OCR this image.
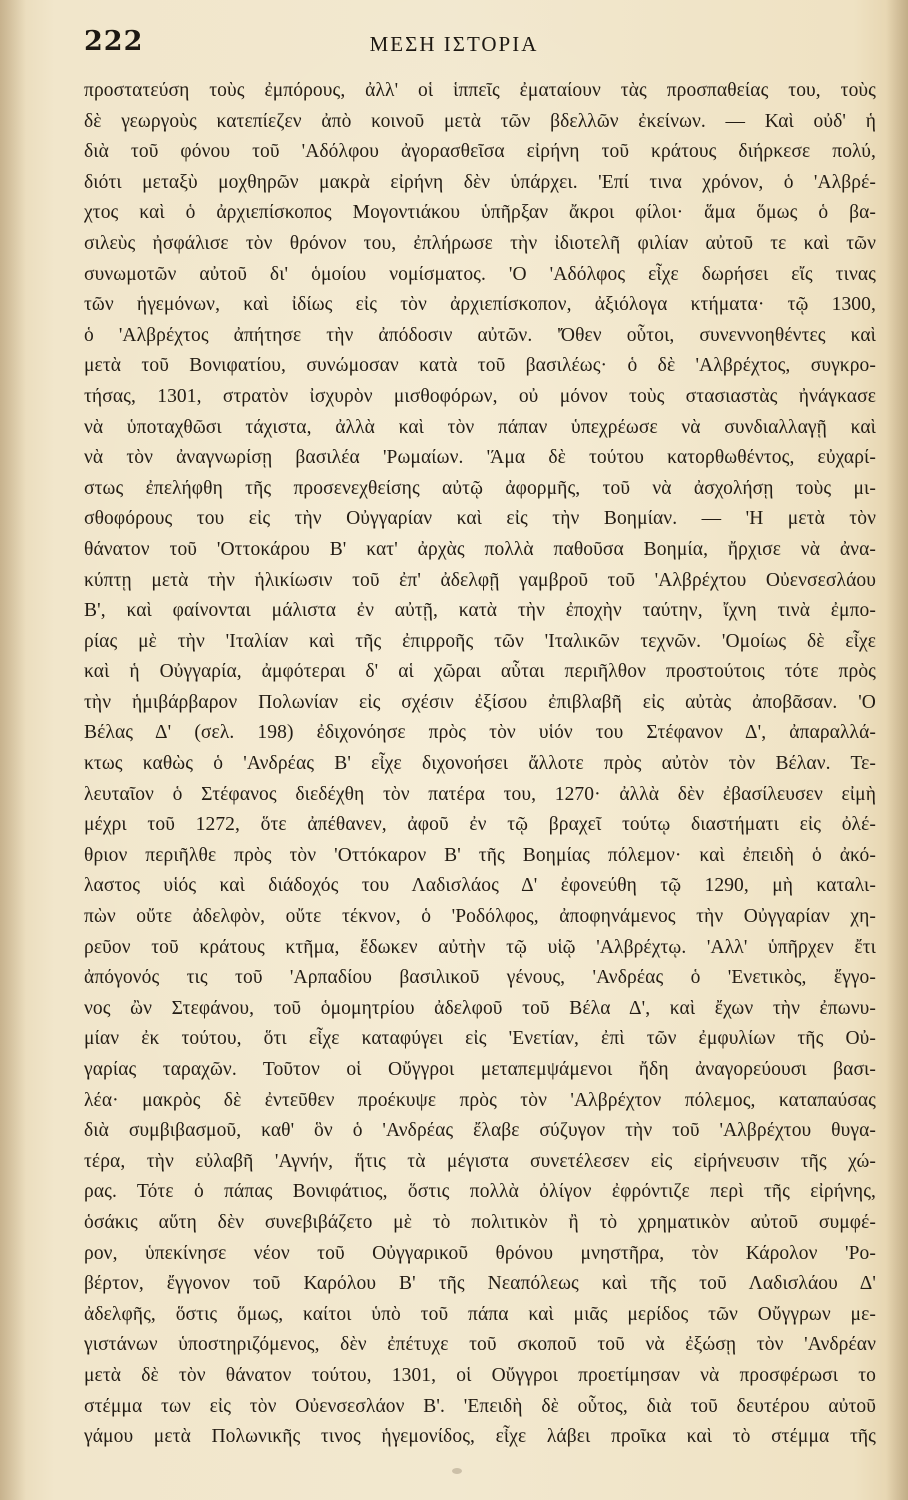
222	ΜΕΣΗ ΙΣΤΟΡΙΑ
προστατεύση τοὺς ἐμπόρους, ἀλλ' οἱ ἱππεῖς ἐματαίουν τὰς προσπαθείας του, τοὺς
δὲ γεωργοὺς κατεπίεζεν ἀπὸ κοινοῦ μετὰ τῶν βδελλῶν ἐκείνων. — Καὶ οὐδ' ἡ
διὰ τοῦ φόνου τοῦ 'Αδόλφου ἀγορασθεῖσα εἰρήνη τοῦ κράτους διήρκεσε πολύ,
διότι μεταξὺ μοχθηρῶν μακρὰ εἰρήνη δὲν ὑπάρχει. 'Επί τινα χρόνον, ὁ 'Αλβρέ-
χτος καὶ ὁ ἀρχιεπίσκοπος Μογοντιάκου ὑπῆρξαν ἄκροι φίλοι· ἅμα ὅμως ὁ βα-
σιλεὺς ἠσφάλισε τὸν θρόνον του, ἐπλήρωσε τὴν ἰδιοτελῆ φιλίαν αὐτοῦ τε καὶ τῶν
συνωμοτῶν αὐτοῦ δι' ὁμοίου νομίσματος. 'Ο 'Αδόλφος εἶχε δωρήσει εἴς τινας
τῶν ἡγεμόνων, καὶ ἰδίως εἰς τὸν ἀρχιεπίσκοπον, ἀξιόλογα κτήματα· τῷ 1300,
ὁ 'Αλβρέχτος ἀπήτησε τὴν ἀπόδοσιν αὐτῶν. 'Όθεν οὗτοι, συνεννοηθέντες καὶ
μετὰ τοῦ Βονιφατίου, συνώμοσαν κατὰ τοῦ βασιλέως· ὁ δὲ 'Αλβρέχτος, συγκρο-
τήσας, 1301, στρατὸν ἰσχυρὸν μισθοφόρων, οὐ μόνον τοὺς στασιαστὰς ἠνάγκασε
νὰ ὑποταχθῶσι τάχιστα, ἀλλὰ καὶ τὸν πάπαν ὑπεχρέωσε νὰ συνδιαλλαγῇ καὶ
νὰ τὸν ἀναγνωρίσῃ βασιλέα 'Ρωμαίων. 'Άμα δὲ τούτου κατορθωθέντος, εὐχαρί-
στως ἐπελήφθη τῆς προσενεχθείσης αὐτῷ ἀφορμῆς, τοῦ νὰ ἀσχολήσῃ τοὺς μι-
σθοφόρους του εἰς τὴν Οὐγγαρίαν καὶ εἰς τὴν Βοημίαν. — 'Η μετὰ τὸν
θάνατον τοῦ 'Οττοκάρου Β' κατ' ἀρχὰς πολλὰ παθοῦσα Βοημία, ἤρχισε νὰ ἀνα-
κύπτῃ μετὰ τὴν ἡλικίωσιν τοῦ ἐπ' ἀδελφῇ γαμβροῦ τοῦ 'Αλβρέχτου Οὐενσεσλάου
Β', καὶ φαίνονται μάλιστα ἐν αὐτῇ, κατὰ τὴν ἐποχὴν ταύτην, ἴχνη τινὰ ἐμπο-
ρίας μὲ τὴν 'Ιταλίαν καὶ τῆς ἐπιρροῆς τῶν 'Ιταλικῶν τεχνῶν. 'Ομοίως δὲ εἶχε
καὶ ἡ Οὐγγαρία, ἀμφότεραι δ' αἱ χῶραι αὗται περιῆλθον προστούτοις τότε πρὸς
τὴν ἡμιβάρβαρον Πολωνίαν εἰς σχέσιν ἐξίσου ἐπιβλαβῆ εἰς αὐτὰς ἀποβᾶσαν. 'Ο
Βέλας Δ' (σελ. 198) ἐδιχονόησε πρὸς τὸν υἱόν του Στέφανον Δ', ἀπαραλλά-
κτως καθὼς ὁ 'Ανδρέας Β' εἶχε διχονοήσει ἄλλοτε πρὸς αὐτὸν τὸν Βέλαν. Τε-
λευταῖον ὁ Στέφανος διεδέχθη τὸν πατέρα του, 1270· ἀλλὰ δὲν ἐβασίλευσεν εἰμὴ
μέχρι τοῦ 1272, ὅτε ἀπέθανεν, ἀφοῦ ἐν τῷ βραχεῖ τούτῳ διαστήματι εἰς ὀλέ-
θριον περιῆλθε πρὸς τὸν 'Οττόκαρον Β' τῆς Βοημίας πόλεμον· καὶ ἐπειδὴ ὁ ἀκό-
λαστος υἱός καὶ διάδοχός του Λαδισλάος Δ' ἐφονεύθη τῷ 1290, μὴ καταλι-
πὼν οὔτε ἀδελφὸν, οὔτε τέκνον, ὁ 'Ροδόλφος, ἀποφηνάμενος τὴν Οὐγγαρίαν χη-
ρεῦον τοῦ κράτους κτῆμα, ἔδωκεν αὐτὴν τῷ υἱῷ 'Αλβρέχτῳ. 'Αλλ' ὑπῆρχεν ἔτι
ἀπόγονός τις τοῦ 'Αρπαδίου βασιλικοῦ γένους, 'Ανδρέας ὁ 'Ενετικὸς, ἔγγο-
νος ὢν Στεφάνου, τοῦ ὁμομητρίου ἀδελφοῦ τοῦ Βέλα Δ', καὶ ἔχων τὴν ἐπωνυ-
μίαν ἐκ τούτου, ὅτι εἶχε καταφύγει εἰς 'Ενετίαν, ἐπὶ τῶν ἐμφυλίων τῆς Οὐ-
γαρίας ταραχῶν. Τοῦτον οἱ Οὔγγροι μεταπεμψάμενοι ἤδη ἀναγορεύουσι βασι-
λέα· μακρὸς δὲ ἐντεῦθεν προέκυψε πρὸς τὸν 'Αλβρέχτον πόλεμος, καταπαύσας
διὰ συμβιβασμοῦ, καθ' ὃν ὁ 'Ανδρέας ἔλαβε σύζυγον τὴν τοῦ 'Αλβρέχτου θυγα-
τέρα, τὴν εὐλαβῆ 'Αγνήν, ἥτις τὰ μέγιστα συνετέλεσεν εἰς εἰρήνευσιν τῆς χώ-
ρας. Τότε ὁ πάπας Βονιφάτιος, ὅστις πολλὰ ὀλίγον ἐφρόντιζε περὶ τῆς εἰρήνης,
ὁσάκις αὕτη δὲν συνεβιβάζετο μὲ τὸ πολιτικὸν ἢ τὸ χρηματικὸν αὐτοῦ συμφέ-
ρον, ὑπεκίνησε νέον τοῦ Οὐγγαρικοῦ θρόνου μνηστῆρα, τὸν Κάρολον 'Ρο-
βέρτον, ἔγγονον τοῦ Καρόλου Β' τῆς Νεαπόλεως καὶ τῆς τοῦ Λαδισλάου Δ'
ἀδελφῆς, ὅστις ὅμως, καίτοι ὑπὸ τοῦ πάπα καὶ μιᾶς μερίδος τῶν Οὔγγρων με-
γιστάνων ὑποστηριζόμενος, δὲν ἐπέτυχε τοῦ σκοποῦ τοῦ νὰ ἐξώσῃ τὸν 'Ανδρέαν
μετὰ δὲ τὸν θάνατον τούτου, 1301, οἱ Οὔγγροι προετίμησαν νὰ προσφέρωσι το
στέμμα των εἰς τὸν Οὐενσεσλάον Β'. 'Επειδὴ δὲ οὗτος, διὰ τοῦ δευτέρου αὐτοῦ
γάμου μετὰ Πολωνικῆς τινος ἡγεμονίδος, εἶχε λάβει προῖκα καὶ τὸ στέμμα τῆς
